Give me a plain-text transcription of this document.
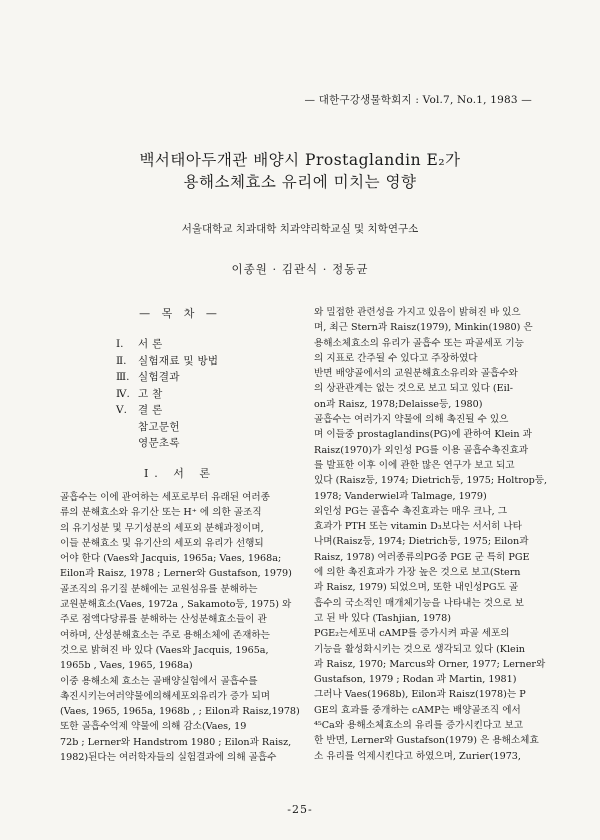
— 대한구강생물학회지 : Vol.7, No.1, 1983 —
백서태아두개관 배양시 Prostaglandin E₂가
용해소체효소 유리에 미치는 영향
서울대학교 치과대학 치과약리학교실 및 치학연구소
이종원 · 김관식 · 정동균
— 목 차 —
Ⅰ. 서 론
Ⅱ. 실험재료 및 방법
Ⅲ. 실험결과
Ⅳ. 고 찰
Ⅴ. 결 론
참고문헌
영문초록
Ⅰ. 서 론
골흡수는 이에 관여하는 세포로부터 유래된 여러종
류의 분해효소와 유기산 또는 H⁺ 에 의한 골조직
의 유기성분 및 무기성분의 세포외 분해과정이며,
이들 분해효소 및 유기산의 세포외 유리가 선행되
어야 한다 (Vaes와 Jacquis, 1965a; Vaes, 1968a;
Eilon과 Raisz, 1978 ; Lerner와 Gustafson, 1979)
골조직의 유기질 분해에는 교원섬유를 분해하는
교원분해효소(Vaes, 1972a , Sakamoto등, 1975) 와
주로 점액다당류를 분해하는 산성분해효소들이 관
여하며, 산성분해효소는 주로 용해소체에 존재하는
것으로 밝혀진 바 있다 (Vaes와 Jacquis, 1965a,
1965b , Vaes, 1965, 1968a)
이중 용해소체 효소는 골배양실험에서 골흡수를
촉진시키는여러약물에의해세포외유리가 증가 되며
(Vaes, 1965, 1965a, 1968b , ; Eilon과 Raisz,1978)
또한 골흡수억제 약물에 의해 감소(Vaes, 19
72b ; Lerner와 Handstrom 1980 ; Eilon과 Raisz,
1982)된다는 여러학자들의 실험결과에 의해 골흡수
와 밀접한 관련성을 가지고 있음이 밝혀진 바 있으
며, 최근 Stern과 Raisz(1979), Minkin(1980) 은
용해소체효소의 유리가 골흡수 또는 파골세포 기능
의 지표로 간주될 수 있다고 주장하였다
반면 배양골에서의 교원분해효소유리와 골흡수와
의 상관관계는 없는 것으로 보고 되고 있다 (Eil-
on과 Raisz, 1978;Delaisse등, 1980)
골흡수는 여러가지 약물에 의해 촉진될 수 있으
며 이들중 prostaglandins(PG)에 관하여 Klein 과
Raisz(1970)가 외인성 PG를 이용 골흡수촉진효과
를 발표한 이후 이에 관한 많은 연구가 보고 되고
있다 (Raisz등, 1974; Dietrich등, 1975; Holtrop등,
1978; Vanderwiel과 Talmage, 1979)
외인성 PG는 골흡수 촉진효과는 매우 크나, 그
효과가 PTH 또는 vitamin D₃보다는 서서히 나타
나며(Raisz등, 1974; Dietrich등, 1975; Eilon과
Raisz, 1978) 여러종류의PG중 PGE 군 특히 PGE
에 의한 촉진효과가 가장 높은 것으로 보고(Stern
과 Raisz, 1979) 되었으며, 또한 내인성PG도 골
흡수의 국소적인 매개체기능을 나타내는 것으로 보
고 된 바 있다 (Tashjian, 1978)
PGE₂는세포내 cAMP를 증가시켜 파골 세포의
기능을 활성화시키는 것으로 생각되고 있다 (Klein
과 Raisz, 1970; Marcus와 Orner, 1977; Lerner와
Gustafson, 1979 ; Rodan 과 Martin, 1981)
그러나 Vaes(1968b), Eilon과 Raisz(1978)는 P
GE의 효과를 중개하는 cAMP는 배양골조직 에서
⁴⁵Ca와 용해소체효소의 유리를 증가시킨다고 보고
한 반면, Lerner와 Gustafson(1979) 은 용해소체효
소 유리를 억제시킨다고 하였으며, Zurier(1973,
-25-
